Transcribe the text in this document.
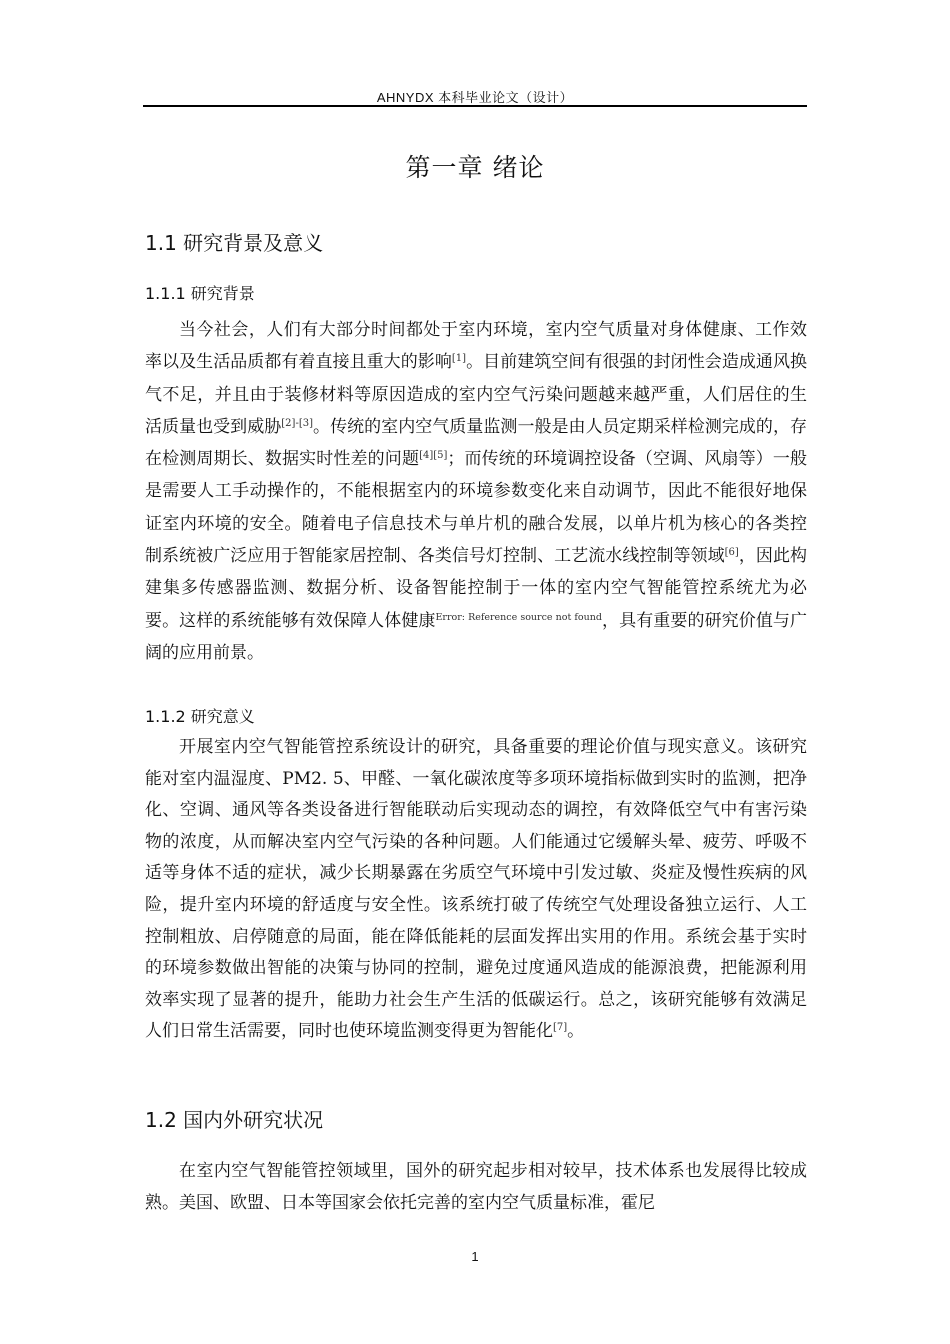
AHNYDX 本科毕业论文（设计）
第一章 绪论
1.1 研究背景及意义
1.1.1 研究背景
当今社会，人们有大部分时间都处于室内环境，室内空气质量对身体健康、工作效率以及生活品质都有着直接且重大的影响[1]。目前建筑空间有很强的封闭性会造成通风换气不足，并且由于装修材料等原因造成的室内空气污染问题越来越严重，人们居住的生活质量也受到威胁[2]-[3]。传统的室内空气质量监测一般是由人员定期采样检测完成的，存在检测周期长、数据实时性差的问题[4][5]；而传统的环境调控设备（空调、风扇等）一般是需要人工手动操作的，不能根据室内的环境参数变化来自动调节，因此不能很好地保证室内环境的安全。随着电子信息技术与单片机的融合发展，以单片机为核心的各类控制系统被广泛应用于智能家居控制、各类信号灯控制、工艺流水线控制等领域[6]，因此构建集多传感器监测、数据分析、设备智能控制于一体的室内空气智能管控系统尤为必要。这样的系统能够有效保障人体健康$^{Error: Reference source not found}$，具有重要的研究价值与广阔的应用前景。
1.1.2 研究意义
开展室内空气智能管控系统设计的研究，具备重要的理论价值与现实意义。该研究能对室内温湿度、PM2. 5、甲醛、一氧化碳浓度等多项环境指标做到实时的监测，把净化、空调、通风等各类设备进行智能联动后实现动态的调控，有效降低空气中有害污染物的浓度，从而解决室内空气污染的各种问题。人们能通过它缓解头晕、疲劳、呼吸不适等身体不适的症状，减少长期暴露在劣质空气环境中引发过敏、炎症及慢性疾病的风险，提升室内环境的舒适度与安全性。该系统打破了传统空气处理设备独立运行、人工控制粗放、启停随意的局面，能在降低能耗的层面发挥出实用的作用。系统会基于实时的环境参数做出智能的决策与协同的控制，避免过度通风造成的能源浪费，把能源利用效率实现了显著的提升，能助力社会生产生活的低碳运行。总之，该研究能够有效满足人们日常生活需要，同时也使环境监测变得更为智能化[7]。
1.2 国内外研究状况
在室内空气智能管控领域里，国外的研究起步相对较早，技术体系也发展得比较成熟。美国、欧盟、日本等国家会依托完善的室内空气质量标准，霍尼
1
